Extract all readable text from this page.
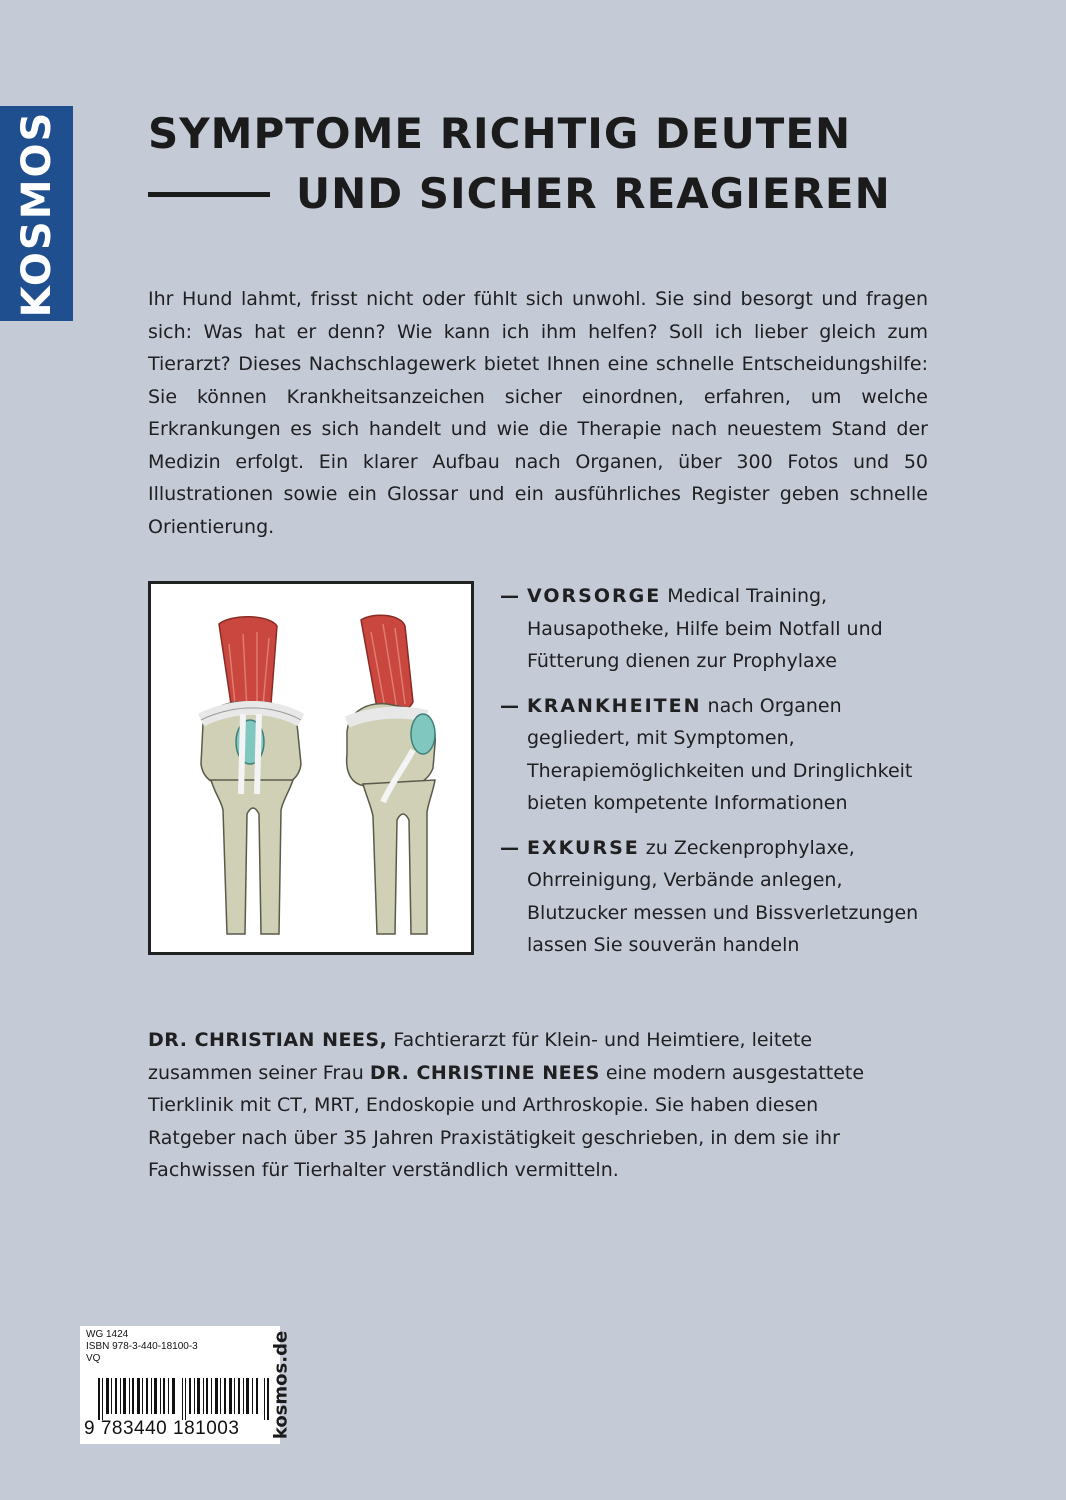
KOSMOS SYMPTOME RICHTIG DEUTEN
UND SICHER REAGIEREN

Ihr Hund lahmt, frisst nicht oder fühlt sich unwohl. Sie sind besorgt und fragen sich: Was hat er denn? Wie kann ich ihm helfen? Soll ich lieber gleich zum Tierarzt? Dieses Nachschlagewerk bietet Ihnen eine schnelle Entscheidungshilfe: Sie können Krankheitsanzeichen sicher einordnen, erfahren, um welche Erkrankungen es sich handelt und wie die Therapie nach neuestem Stand der Medizin erfolgt. Ein klarer Aufbau nach Organen, über 300 Fotos und 50 Illustrationen sowie ein Glossar und ein ausführliches Register geben schnelle Orientierung.

— VORSORGE Medical Training, Hausapotheke, Hilfe beim Notfall und Fütterung dienen zur Prophylaxe
— KRANKHEITEN nach Organen gegliedert, mit Symptomen, Therapiemöglichkeiten und Dringlichkeit bieten kompetente Informationen
— EXKURSE zu Zeckenprophylaxe, Ohrreinigung, Verbände anlegen, Blutzucker messen und Bissverletzungen lassen Sie souverän handeln

DR. CHRISTIAN NEES, Fachtierarzt für Klein- und Heimtiere, leitete zusammen seiner Frau DR. CHRISTINE NEES eine modern ausgestattete Tierklinik mit CT, MRT, Endoskopie und Arthroskopie. Sie haben diesen Ratgeber nach über 35 Jahren Praxistätigkeit geschrieben, in dem sie ihr Fachwissen für Tierhalter verständlich vermitteln.

WG 1424
ISBN 978-3-440-18100-3
VQ
9 783440 181003	kosmos.de
